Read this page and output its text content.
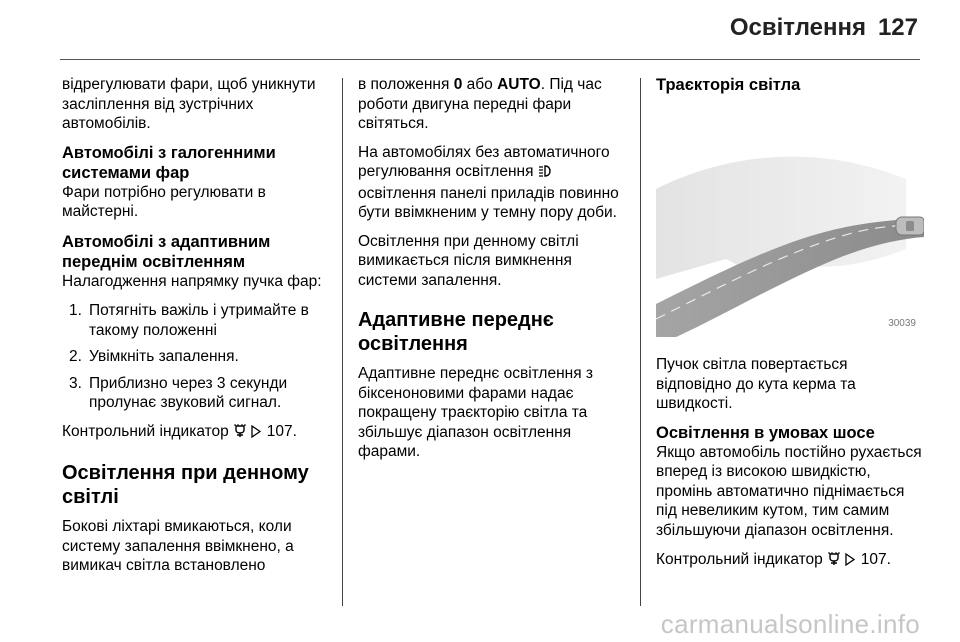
Освітлення 127

відрегулювати фари, щоб уникнути засліплення від зустрічних автомобілів.

Автомобілі з галогенними системами фар
Фари потрібно регулювати в майстерні.
Автомобілі з адаптивним переднім освітленням
Налагодження напрямку пучка фар:
1. Потягніть важіль і утримайте в такому положенні
2. Увімкніть запалення.
3. Приблизно через 3 секунди пролунає звуковий сигнал.

Контрольний індикатор 107.

Освітлення при денному світлі

Бокові ліхтарі вмикаються, коли систему запалення ввімкнено, а вимикач світла встановлено

в положення 0 або AUTO. Під час роботи двигуна передні фари світяться.

На автомобілях без автоматичного регулювання освітлення  освітлення панелі приладів повинно бути ввімкненим у темну пору доби.

Освітлення при денному світлі вимикається після вимкнення системи запалення.

Адаптивне переднє освітлення

Адаптивне переднє освітлення з біксеноновими фарами надає покращену траєкторію світла та збільшує діапазон освітлення фарами.

Траєкторія світла
30039

Пучок світла повертається відповідно до кута керма та швидкості.

Освітлення в умовах шосе
Якщо автомобіль постійно рухається вперед із високою швидкістю, промінь автоматично піднімається під невеликим кутом, тим самим збільшуючи діапазон освітлення.

Контрольний індикатор 107.

carmanualsonline.info
